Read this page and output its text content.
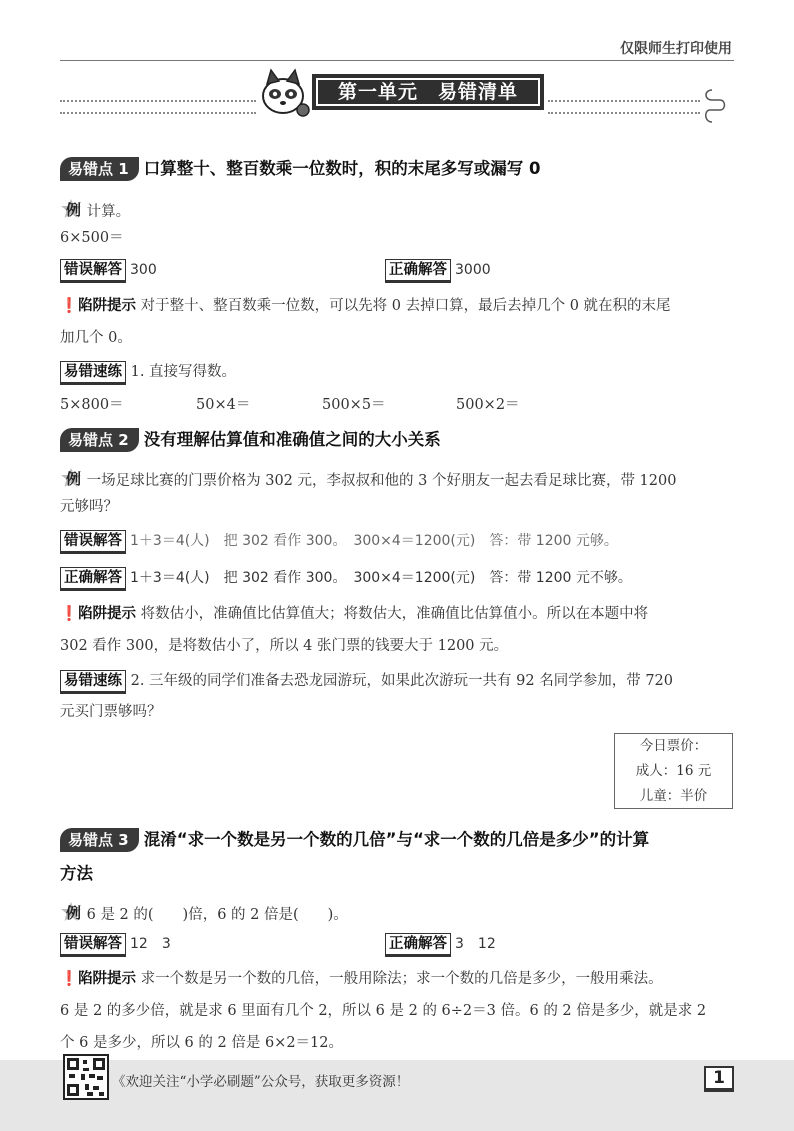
仅限师生打印使用
第一单元　易错清单
易错点 1 口算整十、整百数乘一位数时，积的末尾多写或漏写 0
例 计算。
6×500＝
错误解答 300	正确解答 3000
❗陷阱提示 对于整十、整百数乘一位数，可以先将 0 去掉口算，最后去掉几个 0 就在积的末尾
加几个 0。
易错速练 1. 直接写得数。
5×800＝	50×4＝	500×5＝	500×2＝
易错点 2 没有理解估算值和准确值之间的大小关系
例 一场足球比赛的门票价格为 302 元，李叔叔和他的 3 个好朋友一起去看足球比赛，带 1200
元够吗？
错误解答 1＋3＝4(人)　把 302 看作 300。　300×4＝1200(元)　答：带 1200 元够。
正确解答 1＋3＝4(人)　把 302 看作 300。　300×4＝1200(元)　答：带 1200 元不够。
❗陷阱提示 将数估小，准确值比估算值大；将数估大，准确值比估算值小。所以在本题中将
302 看作 300，是将数估小了，所以 4 张门票的钱要大于 1200 元。
易错速练 2. 三年级的同学们准备去恐龙园游玩，如果此次游玩一共有 92 名同学参加，带 720
元买门票够吗？
今日票价：
成人：16 元
儿童：半价
易错点 3 混淆“求一个数是另一个数的几倍”与“求一个数的几倍是多少”的计算
方法
例 6 是 2 的(　　)倍，6 的 2 倍是(　　)。
错误解答 12　3	正确解答 3　12
❗陷阱提示 求一个数是另一个数的几倍，一般用除法；求一个数的几倍是多少，一般用乘法。
6 是 2 的多少倍，就是求 6 里面有几个 2，所以 6 是 2 的 6÷2＝3 倍。6 的 2 倍是多少，就是求 2
个 6 是多少，所以 6 的 2 倍是 6×2＝12。
《欢迎关注“小学必刷题”公众号，获取更多资源！	1
